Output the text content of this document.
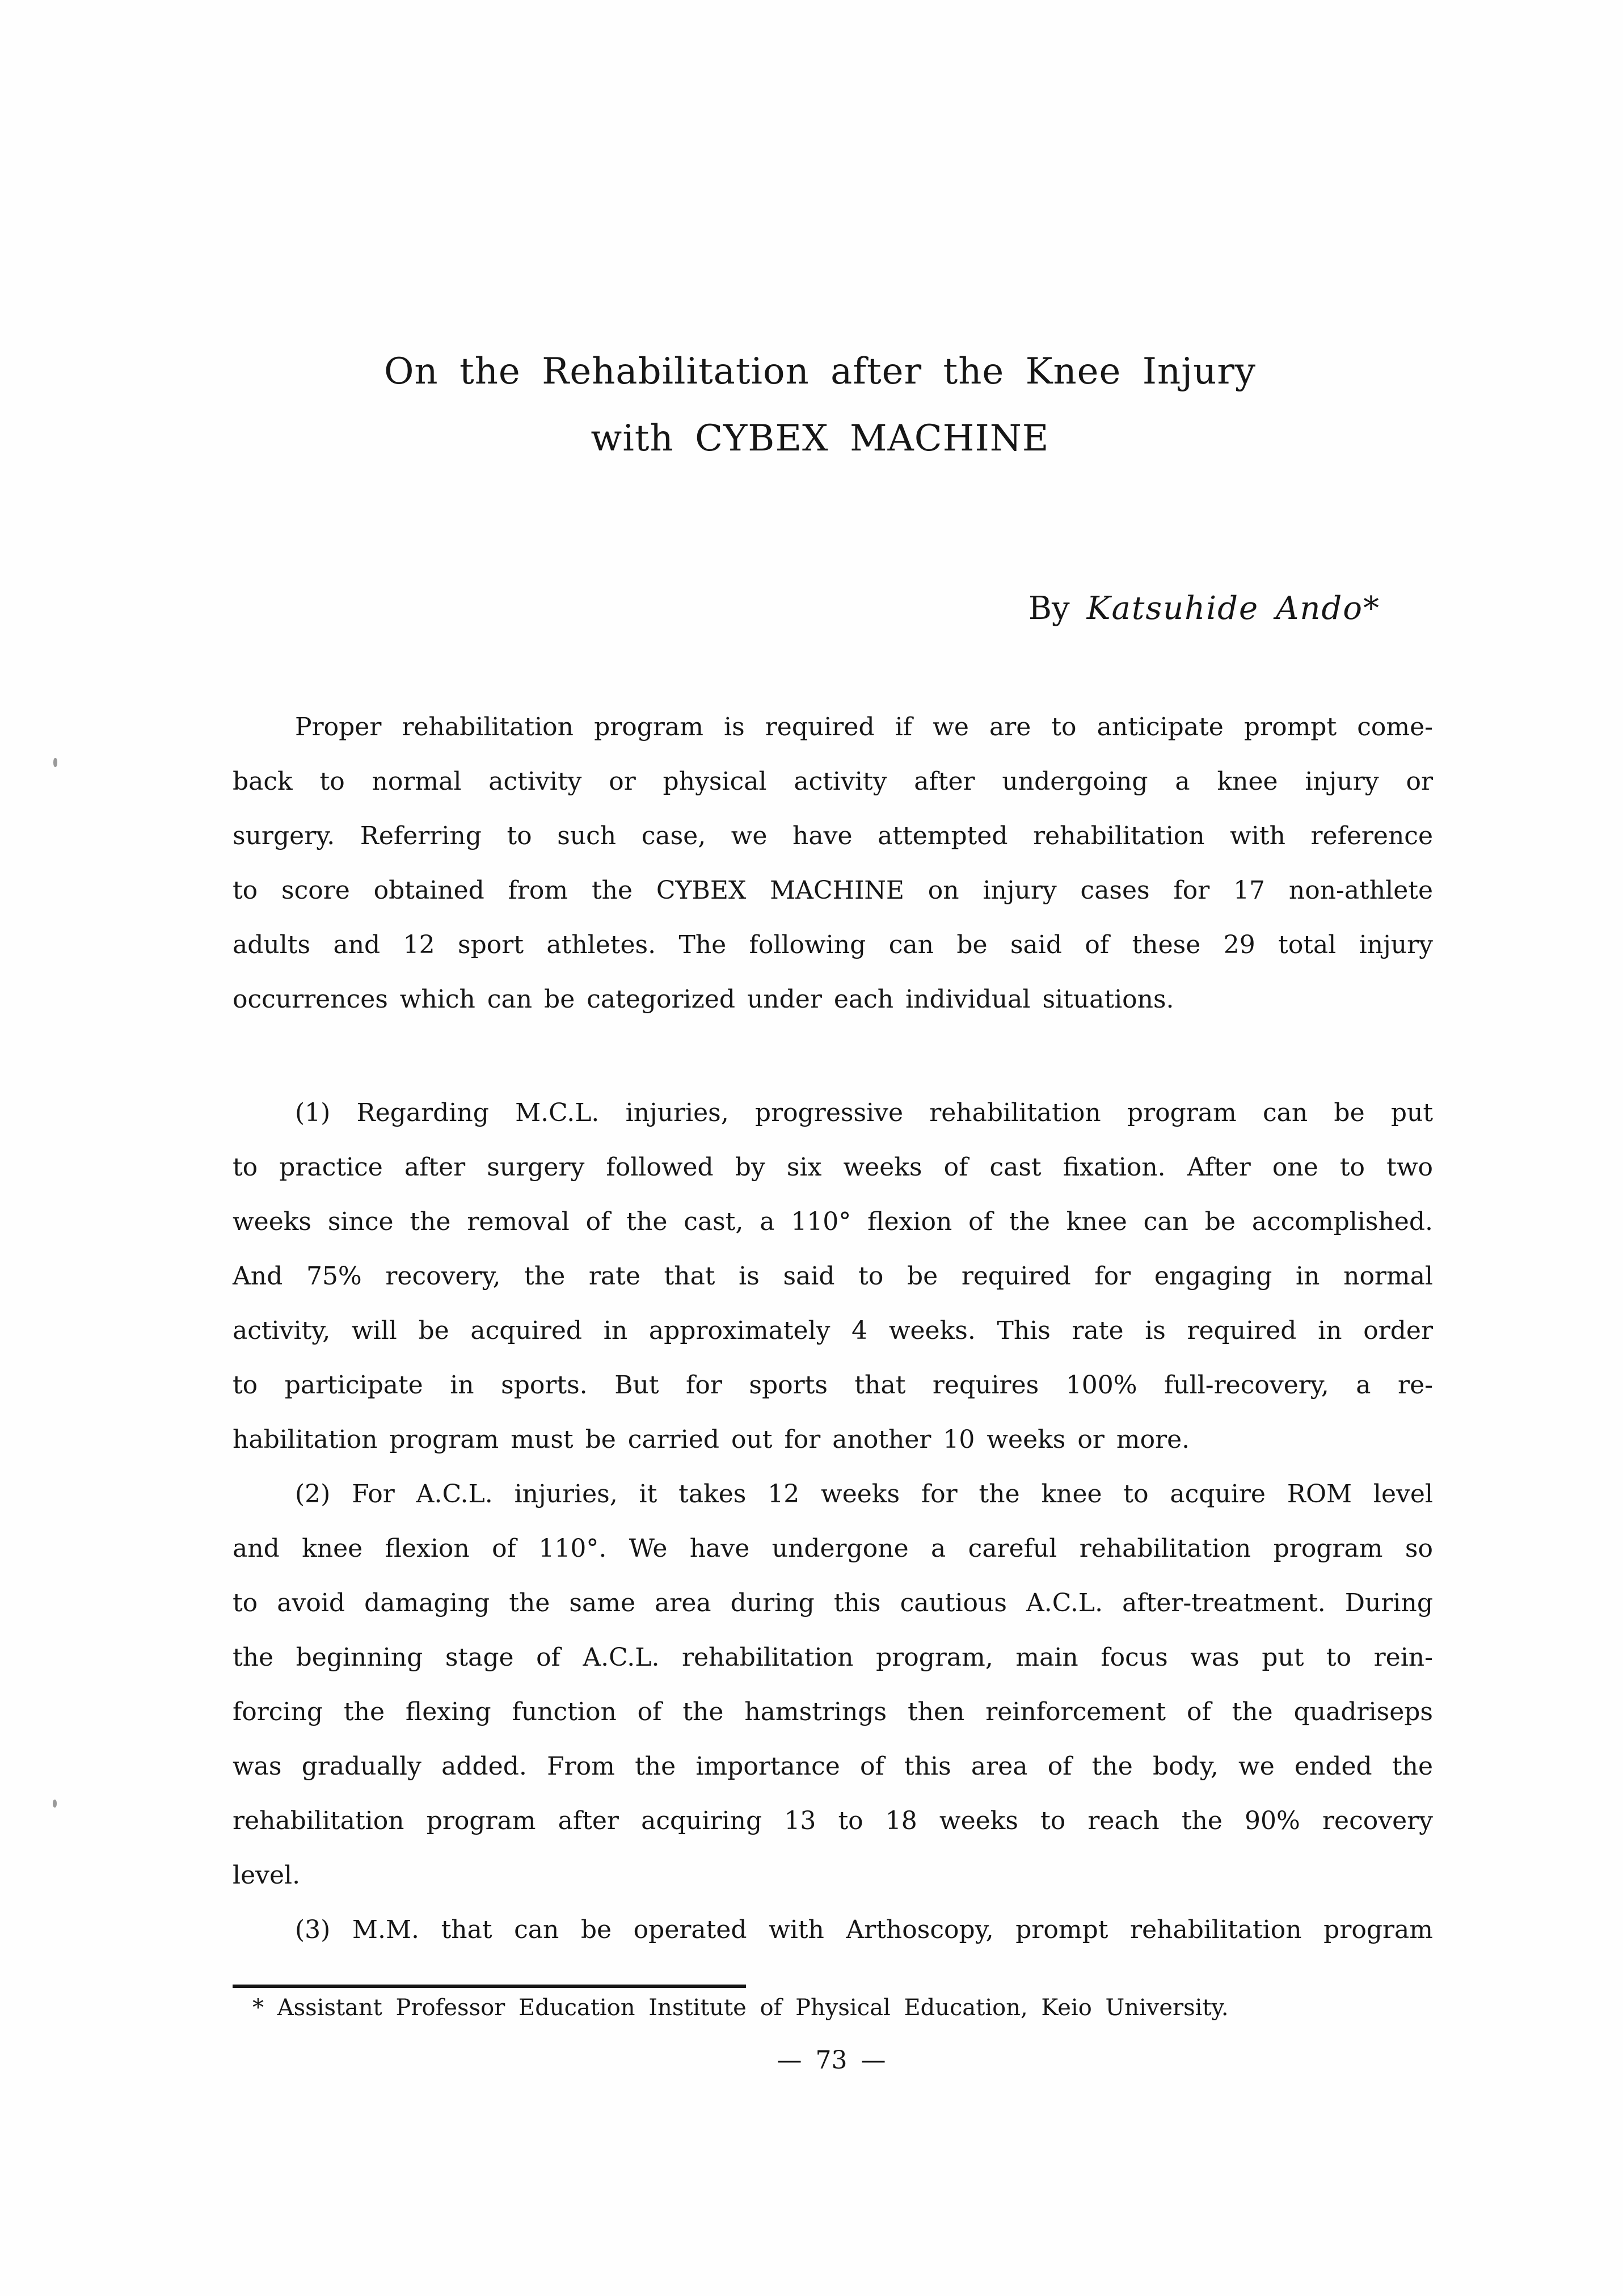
On the Rehabilitation after the Knee Injury
with CYBEX MACHINE
By Katsuhide Ando*
Proper rehabilitation program is required if we are to anticipate prompt come-
back to normal activity or physical activity after undergoing a knee injury or
surgery. Referring to such case, we have attempted rehabilitation with reference
to score obtained from the CYBEX MACHINE on injury cases for 17 non-athlete
adults and 12 sport athletes. The following can be said of these 29 total injury
occurrences which can be categorized under each individual situations.
(1) Regarding M.C.L. injuries, progressive rehabilitation program can be put
to practice after surgery followed by six weeks of cast fixation. After one to two
weeks since the removal of the cast, a 110° flexion of the knee can be accomplished.
And 75% recovery, the rate that is said to be required for engaging in normal
activity, will be acquired in approximately 4 weeks. This rate is required in order
to participate in sports. But for sports that requires 100% full-recovery, a re-
habilitation program must be carried out for another 10 weeks or more.
(2) For A.C.L. injuries, it takes 12 weeks for the knee to acquire ROM level
and knee flexion of 110°. We have undergone a careful rehabilitation program so
to avoid damaging the same area during this cautious A.C.L. after-treatment. During
the beginning stage of A.C.L. rehabilitation program, main focus was put to rein-
forcing the flexing function of the hamstrings then reinforcement of the quadriseps
was gradually added. From the importance of this area of the body, we ended the
rehabilitation program after acquiring 13 to 18 weeks to reach the 90% recovery
level.
(3) M.M. that can be operated with Arthoscopy, prompt rehabilitation program
* Assistant Professor Education Institute of Physical Education, Keio University.
— 73 —
